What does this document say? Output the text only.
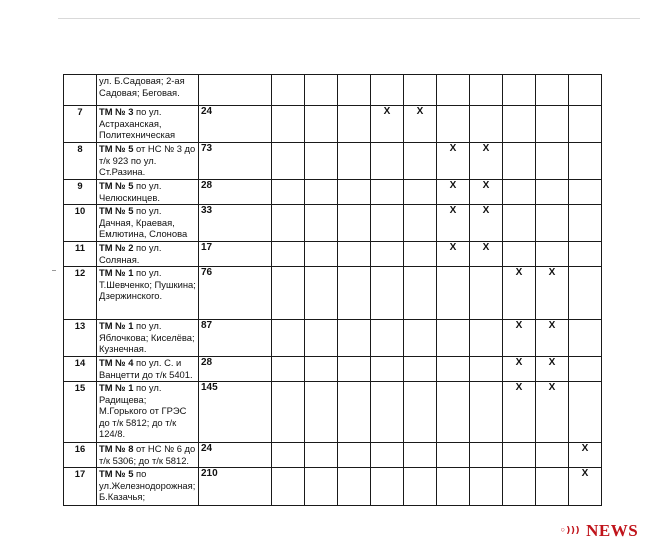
	ул. Б.Садовая; 2-ая Садовая; Беговая.											
7	ТМ № 3 по ул. Астраханская, Политехническая	24				X	X					
8	ТМ № 5 от НС № 3 до т/к 923 по ул. Ст.Разина.	73						X	X			
9	ТМ № 5 по ул. Челюскинцев.	28						X	X			
10	ТМ № 5 по ул. Дачная, Краевая, Емлютина, Слонова	33						X	X			
11	ТМ № 2 по ул. Соляная.	17						X	X			
12	ТМ № 1 по ул. Т.Шевченко; Пушкина; Дзержинского.	76								X	X	
13	ТМ № 1 по ул. Яблочкова; Киселёва; Кузнечная.	87								X	X	
14	ТМ № 4 по ул. С. и Ванцетти до т/к 5401.	28								X	X	
15	ТМ № 1 по ул. Радищева; М.Горького от ГРЭС до т/к 5812; до т/к 124/8.	145								X	X	
16	ТМ № 8 от НС № 6 до т/к 5306; до т/к 5812.	24										X
17	ТМ № 5 по ул.Железнодорожная; Б.Казачья;	210										X
◦))) NEWS
